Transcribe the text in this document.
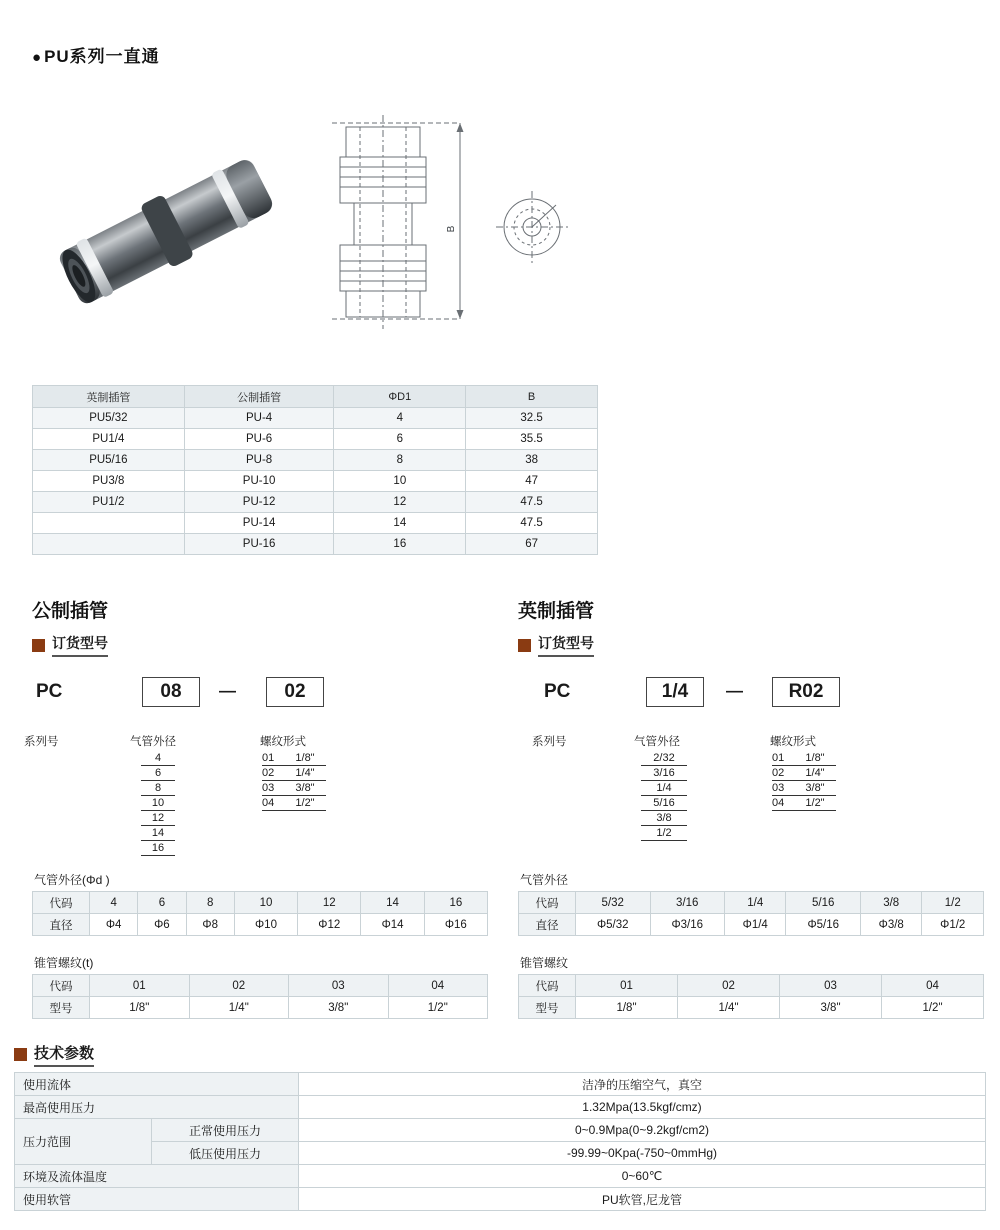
● PU系列一直通
B
英制插管	公制插管	ΦD1	B
PU5/32	PU-4	4	32.5
PU1/4	PU-6	6	35.5
PU5/16	PU-8	8	38
PU3/8	PU-10	10	47
PU1/2	PU-12	12	47.5
	PU-14	14	47.5
	PU-16	16	67
公制插管
订货型号
PC	08	—	02
系列号	气管外径	螺纹形式
4
6
8
10
12
14
16
01	1/8"
02	1/4"
03	3/8"
04	1/2"
气管外径(Φd )
代码	4	6	8	10	12	14	16
直径	Φ4	Φ6	Φ8	Φ10	Φ12	Φ14	Φ16
锥管螺纹(t)
代码	01	02	03	04
型号	1/8"	1/4"	3/8"	1/2"
英制插管
订货型号
PC	1/4	—	R02
系列号	气管外径	螺纹形式
2/32
3/16
1/4
5/16
3/8
1/2
01	1/8"
02	1/4"
03	3/8"
04	1/2"
气管外径
代码	5/32	3/16	1/4	5/16	3/8	1/2
直径	Φ5/32	Φ3/16	Φ1/4	Φ5/16	Φ3/8	Φ1/2
锥管螺纹
代码	01	02	03	04
型号	1/8"	1/4"	3/8"	1/2"
技术参数
使用流体		洁净的压缩空气，真空
最高使用压力		1.32Mpa(13.5kgf/cmz)
压力范围	正常使用压力	0~0.9Mpa(0~9.2kgf/cm2)
	低压使用压力	-99.99~0Kpa(-750~0mmHg)
环境及流体温度		0~60℃
使用软管		PU软管,尼龙管
